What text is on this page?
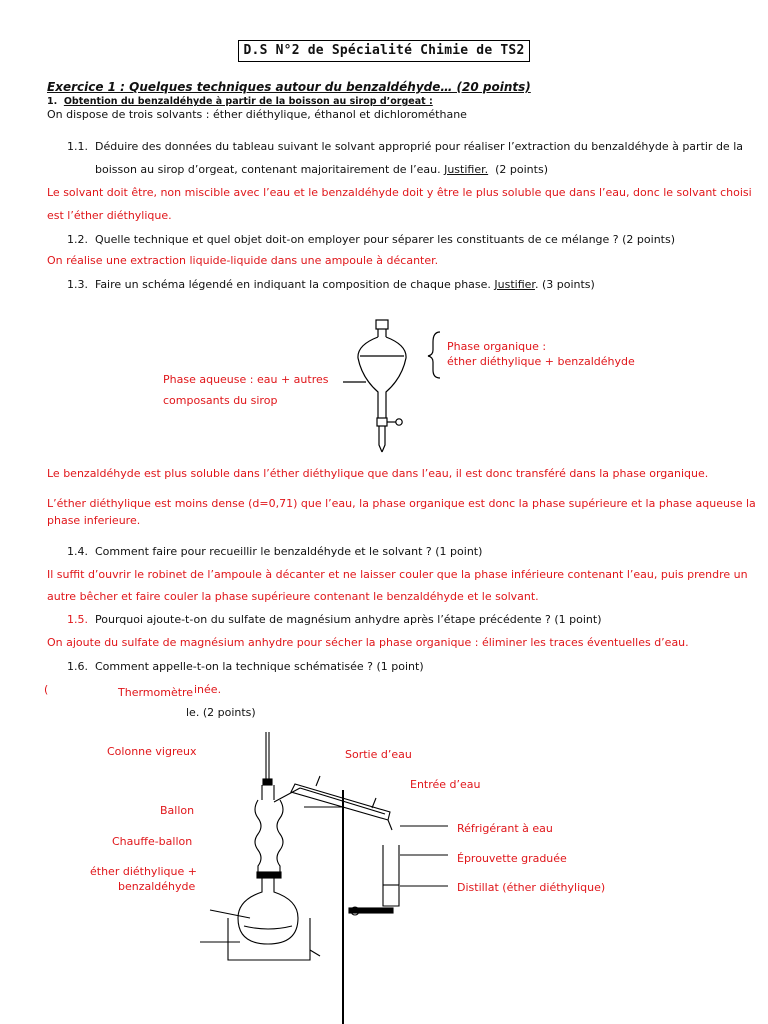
D.S N°2 de Spécialité Chimie de TS2
Exercice 1 : Quelques techniques autour du benzaldéhyde… (20 points)
1. Obtention du benzaldéhyde à partir de la boisson au sirop d’orgeat :
On dispose de trois solvants : éther diéthylique, éthanol et dichlorométhane
1.1. Déduire des données du tableau suivant le solvant approprié pour réaliser l’extraction du benzaldéhyde à partir de la
boisson au sirop d’orgeat, contenant majoritairement de l’eau. Justifier. (2 points)
Le solvant doit être, non miscible avec l’eau et le benzaldéhyde doit y être le plus soluble que dans l’eau, donc le solvant choisi
est l’éther diéthylique.
1.2. Quelle technique et quel objet doit-on employer pour séparer les constituants de ce mélange ? (2 points)
On réalise une extraction liquide-liquide dans une ampoule à décanter.
1.3. Faire un schéma légendé en indiquant la composition de chaque phase. Justifier. (3 points)
Phase organique :
éther diéthylique + benzaldéhyde
Phase aqueuse : eau + autres
composants du sirop
Le benzaldéhyde est plus soluble dans l’éther diéthylique que dans l’eau, il est donc transféré dans la phase organique.
L’éther diéthylique est moins dense (d=0,71) que l’eau, la phase organique est donc la phase supérieure et la phase aqueuse la
phase inferieure.
1.4. Comment faire pour recueillir le benzaldéhyde et le solvant ? (1 point)
Il suffit d’ouvrir le robinet de l’ampoule à décanter et ne laisser couler que la phase inférieure contenant l’eau, puis prendre un
autre bêcher et faire couler la phase supérieure contenant le benzaldéhyde et le solvant.
1.5. Pourquoi ajoute-t-on du sulfate de magnésium anhydre après l’étape précédente ? (1 point)
On ajoute du sulfate de magnésium anhydre pour sécher la phase organique : éliminer les traces éventuelles d’eau.
1.6. Comment appelle-t-on la technique schématisée ? (1 point)
(	inée.
le. (2 points)
Thermomètre
Colonne vigreux	Sortie d’eau
Entrée d’eau
Ballon
Réfrigérant à eau
Chauffe-ballon
Éprouvette graduée
éther diéthylique +
benzaldéhyde	Distillat (éther diéthylique)
